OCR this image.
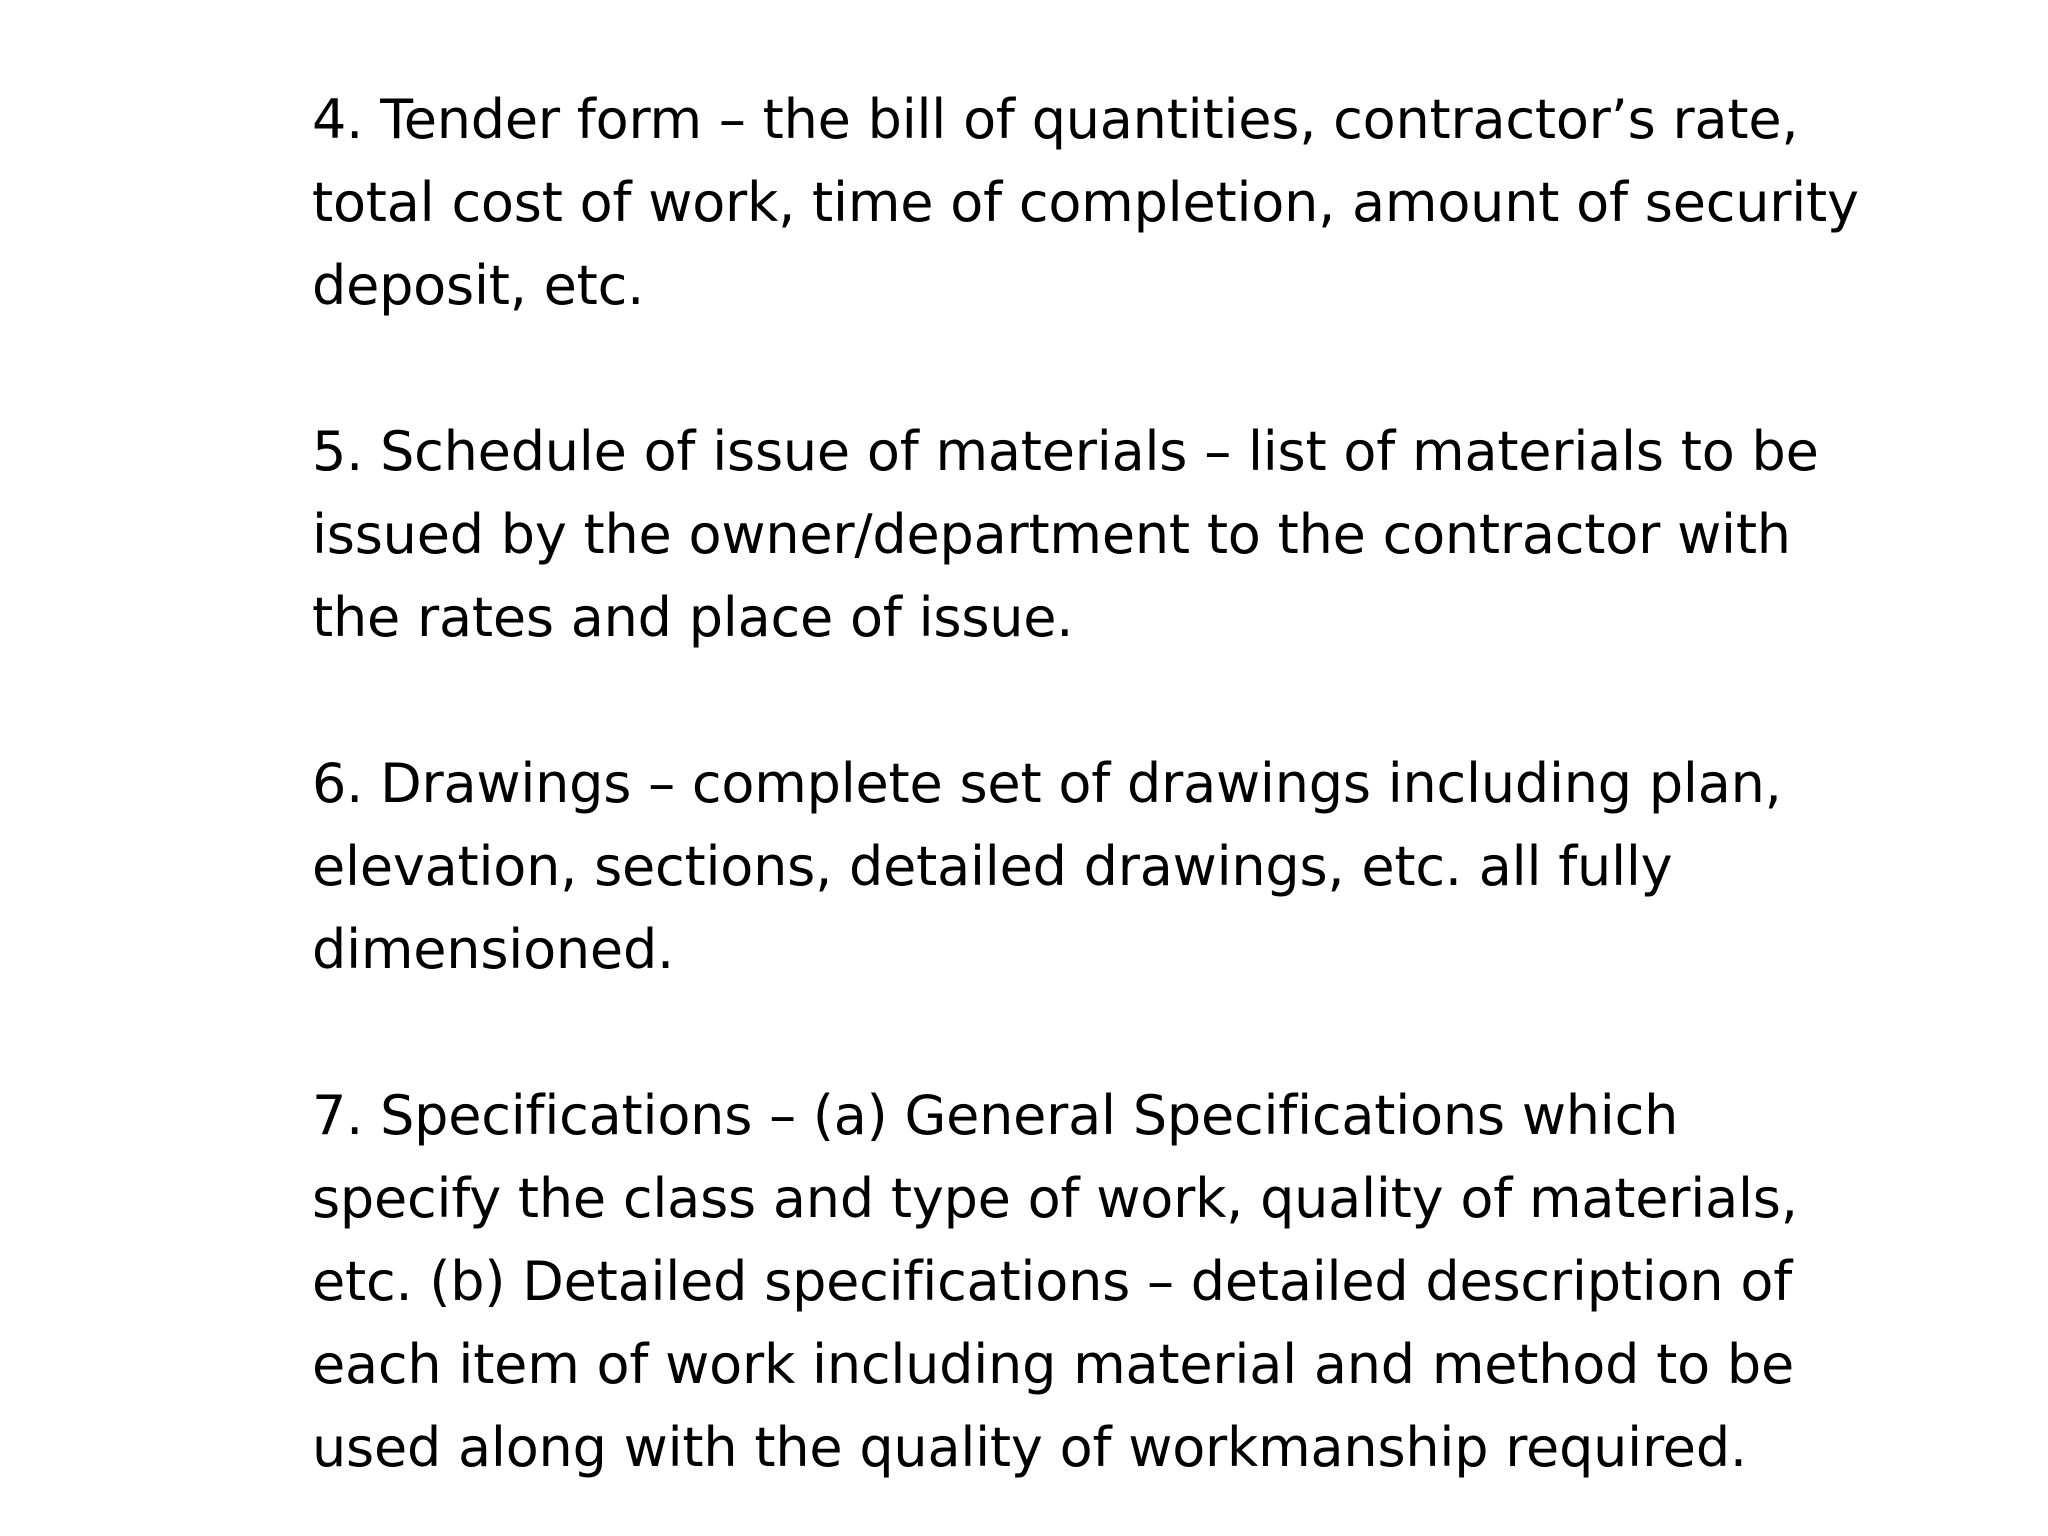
4. Tender form – the bill of quantities, contractor’s rate,
total cost of work, time of completion, amount of security
deposit, etc.
5. Schedule of issue of materials – list of materials to be
issued by the owner/department to the contractor with
the rates and place of issue.
6. Drawings – complete set of drawings including plan,
elevation, sections, detailed drawings, etc. all fully
dimensioned.
7. Specifications – (a) General Specifications which
specify the class and type of work, quality of materials,
etc. (b) Detailed specifications – detailed description of
each item of work including material and method to be
used along with the quality of workmanship required.
